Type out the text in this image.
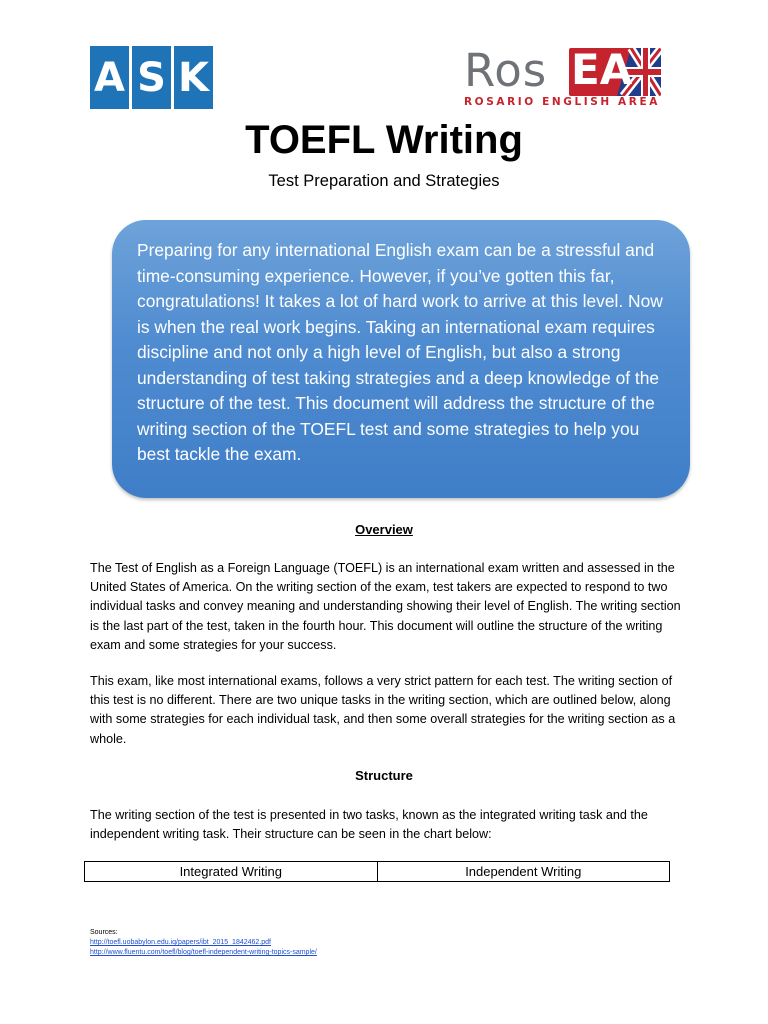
A S K	Ros EA
ROSARIO ENGLISH AREA
TOEFL Writing
Test Preparation and Strategies

Preparing for any international English exam can be a stressful and time-consuming experience. However, if you’ve gotten this far, congratulations! It takes a lot of hard work to arrive at this level. Now is when the real work begins. Taking an international exam requires discipline and not only a high level of English, but also a strong understanding of test taking strategies and a deep knowledge of the structure of the test. This document will address the structure of the writing section of the TOEFL test and some strategies to help you best tackle the exam.

Overview

The Test of English as a Foreign Language (TOEFL) is an international exam written and assessed in the United States of America. On the writing section of the exam, test takers are expected to respond to two individual tasks and convey meaning and understanding showing their level of English. The writing section is the last part of the test, taken in the fourth hour. This document will outline the structure of the writing exam and some strategies for your success.

This exam, like most international exams, follows a very strict pattern for each test. The writing section of this test is no different. There are two unique tasks in the writing section, which are outlined below, along with some strategies for each individual task, and then some overall strategies for the writing section as a whole.

Structure

The writing section of the test is presented in two tasks, known as the integrated writing task and the independent writing task. Their structure can be seen in the chart below:

Integrated Writing	Independent Writing
Sources:
http://toefl.uobabylon.edu.iq/papers/ibt_2015_1842462.pdf
http://www.fluentu.com/toefl/blog/toefl-independent-writing-topics-sample/
